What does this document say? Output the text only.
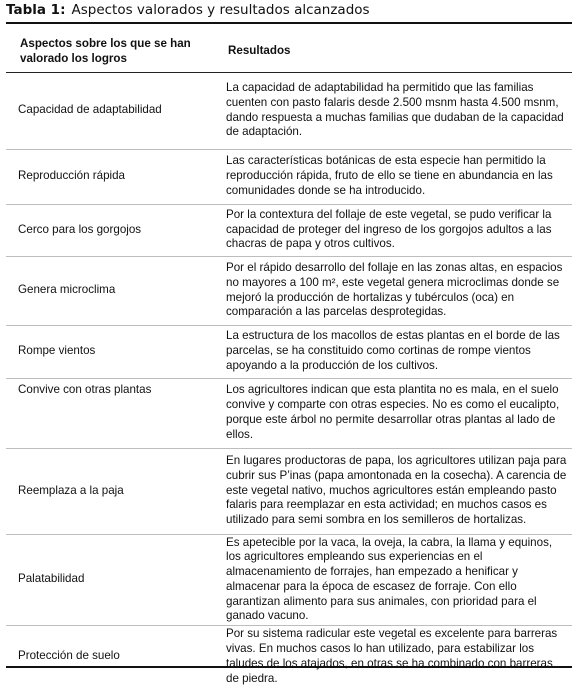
Tabla 1: Aspectos valorados y resultados alcanzados
Aspectos sobre los que se han valorado los logros	Resultados
Capacidad de adaptabilidad	La capacidad de adaptabilidad ha permitido que las familias cuenten con pasto falaris desde 2.500 msnm hasta 4.500 msnm, dando respuesta a muchas familias que dudaban de la capacidad de adaptación.
Reproducción rápida	Las características botánicas de esta especie han permitido la reproducción rápida, fruto de ello se tiene en abundancia en las comunidades donde se ha introducido.
Cerco para los gorgojos	Por la contextura del follaje de este vegetal, se pudo verificar la capacidad de proteger del ingreso de los gorgojos adultos a las chacras de papa y otros cultivos.
Genera microclima	Por el rápido desarrollo del follaje en las zonas altas, en espacios no mayores a 100 m², este vegetal genera microclimas donde se mejoró la producción de hortalizas y tubérculos (oca) en comparación a las parcelas desprotegidas.
Rompe vientos	La estructura de los macollos de estas plantas en el borde de las parcelas, se ha constituido como cortinas de rompe vientos apoyando a la producción de los cultivos.
Convive con otras plantas	Los agricultores indican que esta plantita no es mala, en el suelo convive y comparte con otras especies. No es como el eucalipto, porque este árbol no permite desarrollar otras plantas al lado de ellos.
Reemplaza a la paja	En lugares productoras de papa, los agricultores utilizan paja para cubrir sus P’inas (papa amontonada en la cosecha). A carencia de este vegetal nativo, muchos agricultores están empleando pasto falaris para reemplazar en esta actividad; en muchos casos es utilizado para semi sombra en los semilleros de hortalizas.
Palatabilidad	Es apetecible por la vaca, la oveja, la cabra, la llama y equinos, los agricultores empleando sus experiencias en el almacenamiento de forrajes, han empezado a henificar y almacenar para la época de escasez de forraje. Con ello garantizan alimento para sus animales, con prioridad para el ganado vacuno.
Protección de suelo	Por su sistema radicular este vegetal es excelente para barreras vivas. En muchos casos lo han utilizado, para estabilizar los taludes de los atajados, en otras se ha combinado con barreras de piedra.
